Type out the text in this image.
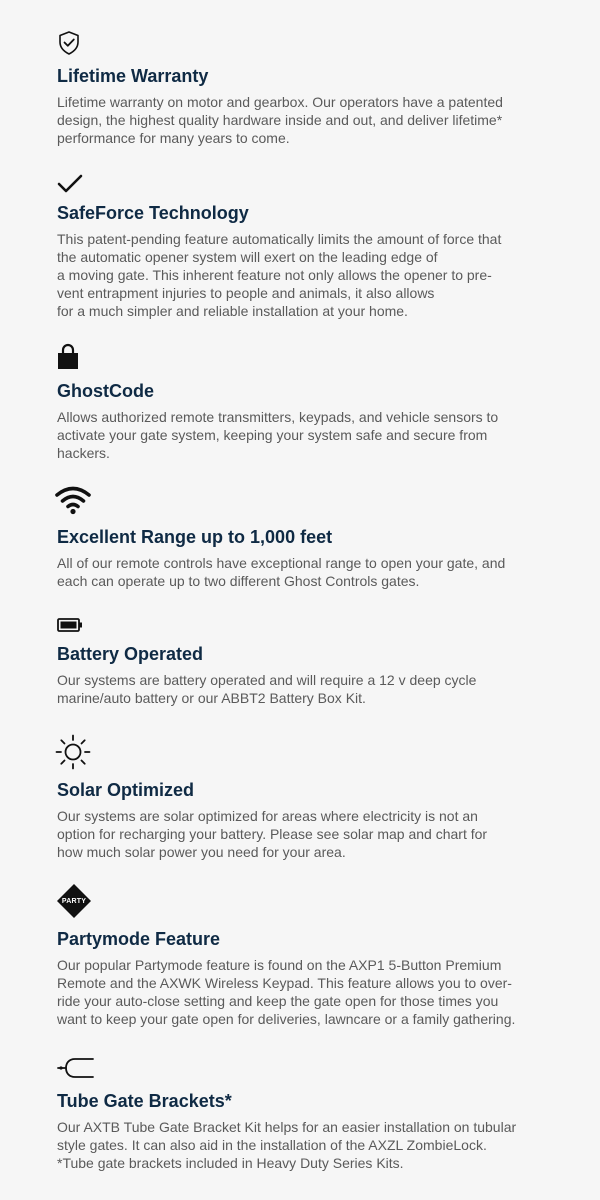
Lifetime Warranty

Lifetime warranty on motor and gearbox. Our operators have a patented
design, the highest quality hardware inside and out, and deliver lifetime*
performance for many years to come.

SafeForce Technology

This patent-pending feature automatically limits the amount of force that
the automatic opener system will exert on the leading edge of
a moving gate. This inherent feature not only allows the opener to pre-
vent entrapment injuries to people and animals, it also allows
for a much simpler and reliable installation at your home.

GhostCode

Allows authorized remote transmitters, keypads, and vehicle sensors to
activate your gate system, keeping your system safe and secure from
hackers.

Excellent Range up to 1,000 feet

All of our remote controls have exceptional range to open your gate, and
each can operate up to two different Ghost Controls gates.

Battery Operated

Our systems are battery operated and will require a 12 v deep cycle
marine/auto battery or our ABBT2 Battery Box Kit.

Solar Optimized

Our systems are solar optimized for areas where electricity is not an
option for recharging your battery. Please see solar map and chart for
how much solar power you need for your area.

PARTY
Partymode Feature

Our popular Partymode feature is found on the AXP1 5-Button Premium
Remote and the AXWK Wireless Keypad. This feature allows you to over-
ride your auto-close setting and keep the gate open for those times you
want to keep your gate open for deliveries, lawncare or a family gathering.

Tube Gate Brackets*

Our AXTB Tube Gate Bracket Kit helps for an easier installation on tubular
style gates. It can also aid in the installation of the AXZL ZombieLock.
*Tube gate brackets included in Heavy Duty Series Kits.
